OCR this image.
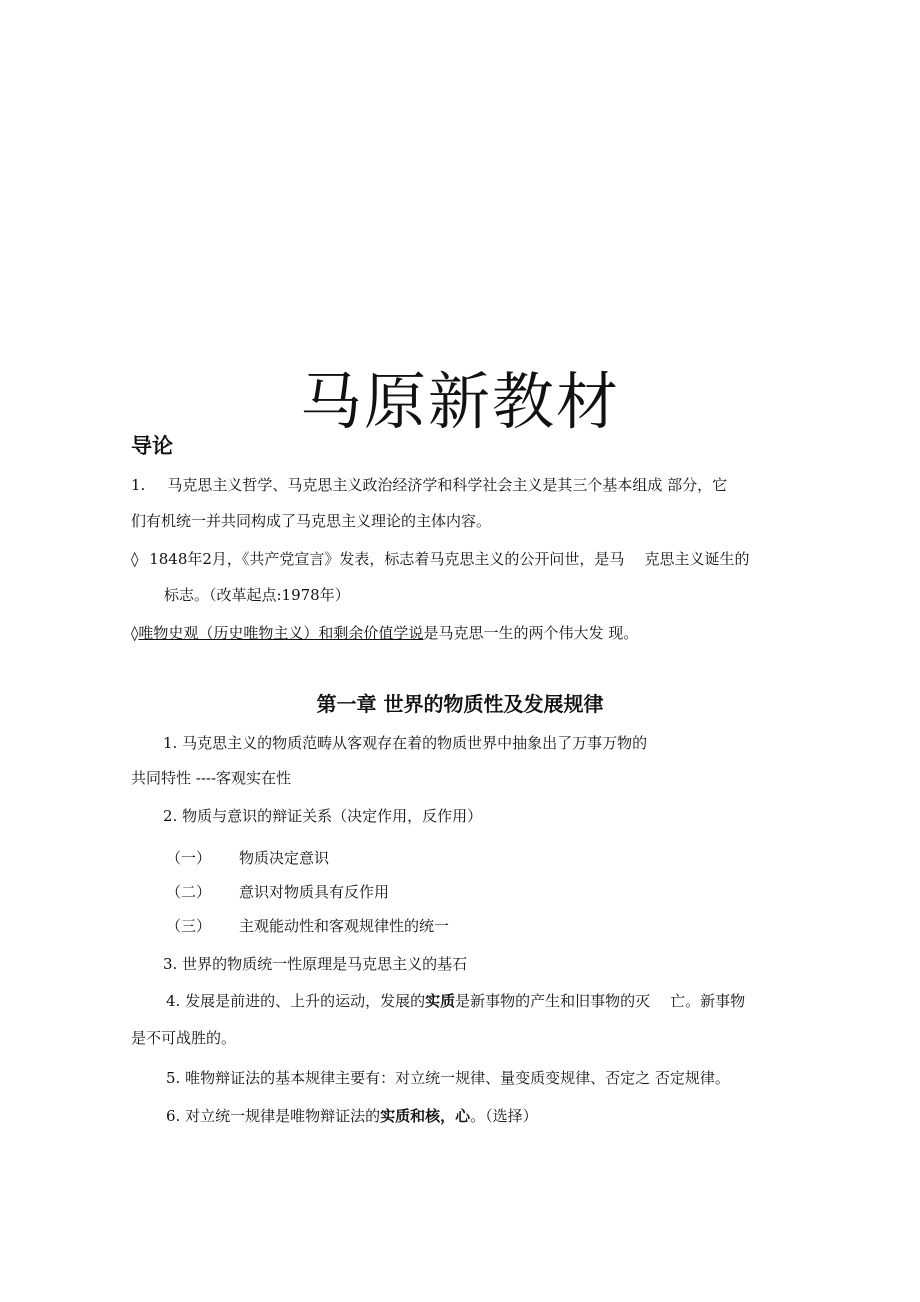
马原新教材
导论
1. 马克思主义哲学、马克思主义政治经济学和科学社会主义是其三个基本组成 部分，它
们有机统一并共同构成了马克思主义理论的主体内容。
◊ 1848年2月，《共产党宣言》发表，标志着马克思主义的公开问世，是马 克思主义诞生的
标志。（改革起点:1978年）
◊唯物史观（历史唯物主义）和剩余价值学说是马克思一生的两个伟大发 现。
第一章 世界的物质性及发展规律
1. 马克思主义的物质范畴从客观存在着的物质世界中抽象出了万事万物的
共同特性 ----客观实在性
2. 物质与意识的辩证关系（决定作用，反作用）
（一） 物质决定意识
（二） 意识对物质具有反作用
（三） 主观能动性和客观规律性的统一
3. 世界的物质统一性原理是马克思主义的基石
4. 发展是前进的、上升的运动，发展的实质是新事物的产生和旧事物的灭 亡。新事物
是不可战胜的。
5. 唯物辩证法的基本规律主要有：对立统一规律、量变质变规律、否定之 否定规律。
6. 对立统一规律是唯物辩证法的实质和核，心。（选择）
